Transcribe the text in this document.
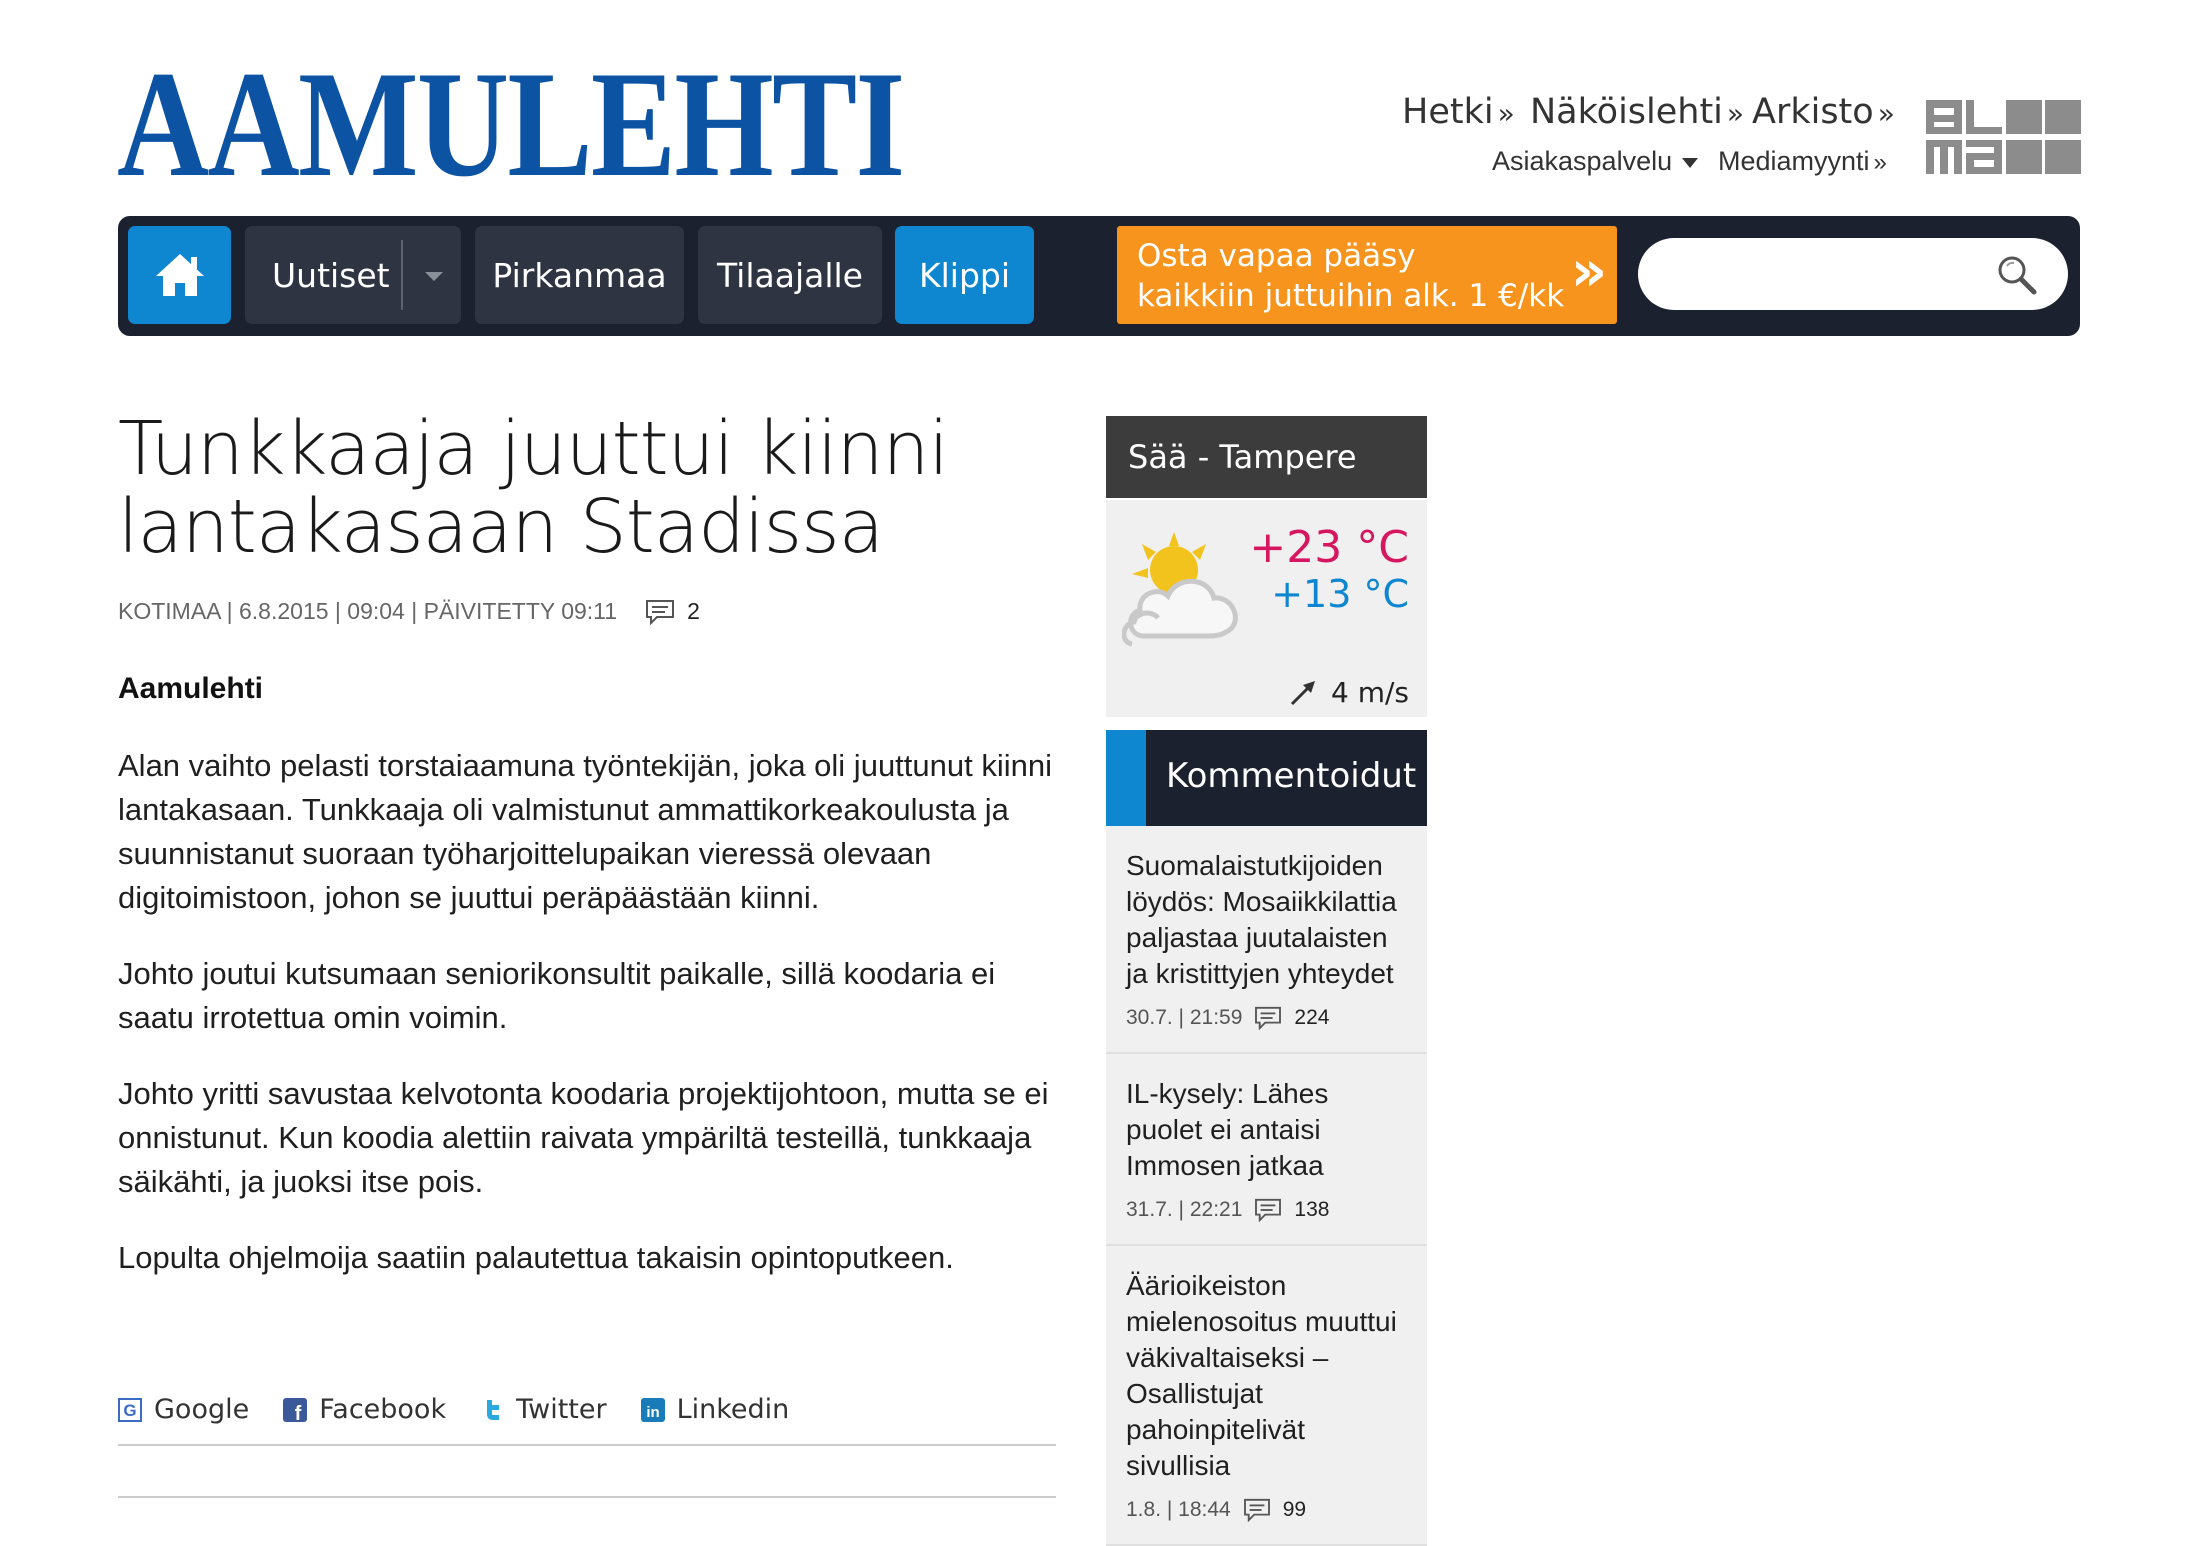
AAMULEHTI	Hetki » Näköislehti » Arkisto »
Asiakaspalvelu	Mediamyynti »
Uutiset	Pirkanmaa	Tilaajalle	Klippi	Osta vapaa pääsy
kaikkiin juttuihin alk. 1 €/kk »
Tunkkaaja juuttui kiinni lantakasaan Stadissa
KOTIMAA | 6.8.2015 | 09:04 | PÄIVITETTY 09:11	2
Aamulehti

Alan vaihto pelasti torstaiaamuna työntekijän, joka oli juuttunut kiinni lantakasaan. Tunkkaaja oli valmistunut ammattikorkeakoulusta ja suunnistanut suoraan työharjoittelupaikan vieressä olevaan digitoimistoon, johon se juuttui peräpäästään kiinni.

Johto joutui kutsumaan seniorikonsultit paikalle, sillä koodaria ei saatu irrotettua omin voimin.

Johto yritti savustaa kelvotonta koodaria projektijohtoon, mutta se ei onnistunut. Kun koodia alettiin raivata ympäriltä testeillä, tunkkaaja säikähti, ja juoksi itse pois.

Lopulta ohjelmoija saatiin palautettua takaisin opintoputkeen.

G Google f Facebook	Twitter	in Linkedin
Sää - Tampere
+23 °C
+13 °C
4 m/s
Kommentoidut
Suomalaistutkijoiden löydös: Mosaiikkilattia paljastaa juutalaisten ja kristittyjen yhteydet
30.7. | 21:59 224
IL-kysely: Lähes puolet ei antaisi Immosen jatkaa
31.7. | 22:21 138
Äärioikeiston mielenosoitus muuttui väkivaltaiseksi – Osallistujat pahoinpitelivät sivullisia
1.8. | 18:44 99
